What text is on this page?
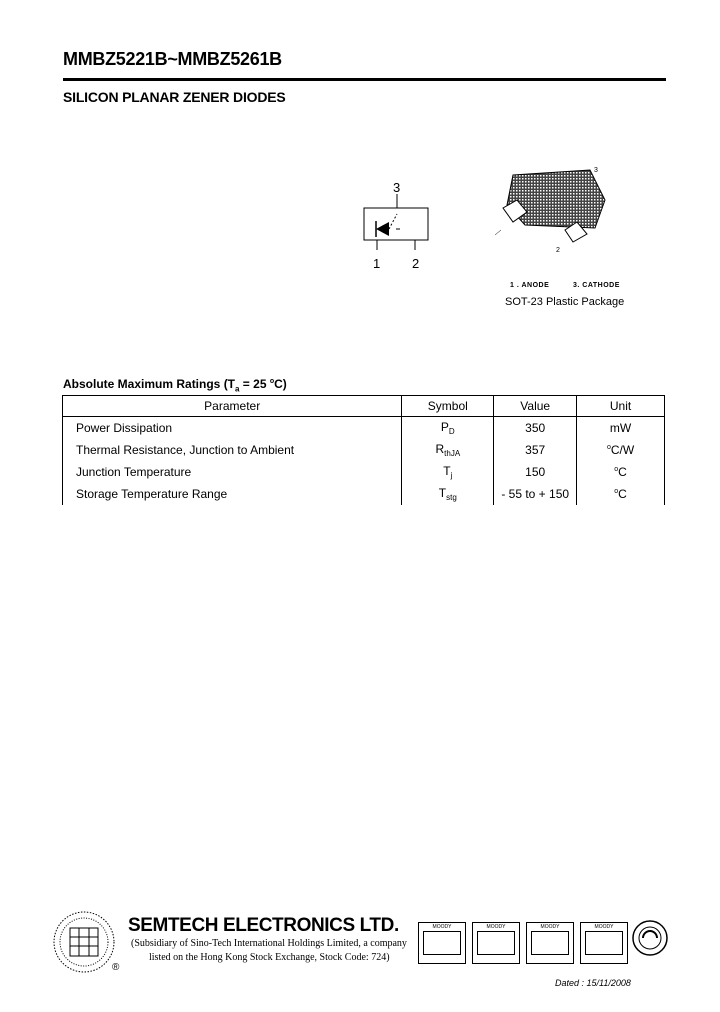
MMBZ5221B~MMBZ5261B
SILICON PLANAR ZENER DIODES
3
1 2
3
2
1 . ANODE	3. CATHODE
SOT-23 Plastic Package
Absolute Maximum Ratings ($T_a = 25$ $^o$C)
Parameter	Symbol	Value	Unit
Power Dissipation	$P_D$	350	mW
Thermal Resistance, Junction to Ambient	$R_{thJA}$	357	$^o$C/W
Junction Temperature	$T_j$	150	$^o$C
Storage Temperature Range	$T_{stg}$	- 55 to + 150	$^o$C
®
SEMTECH ELECTRONICS LTD.
(Subsidiary of Sino-Tech International Holdings Limited, a company
listed on the Hong Kong Stock Exchange, Stock Code: 724)
MOODY	MOODY	MOODY	MOODY
Dated : 15/11/2008
